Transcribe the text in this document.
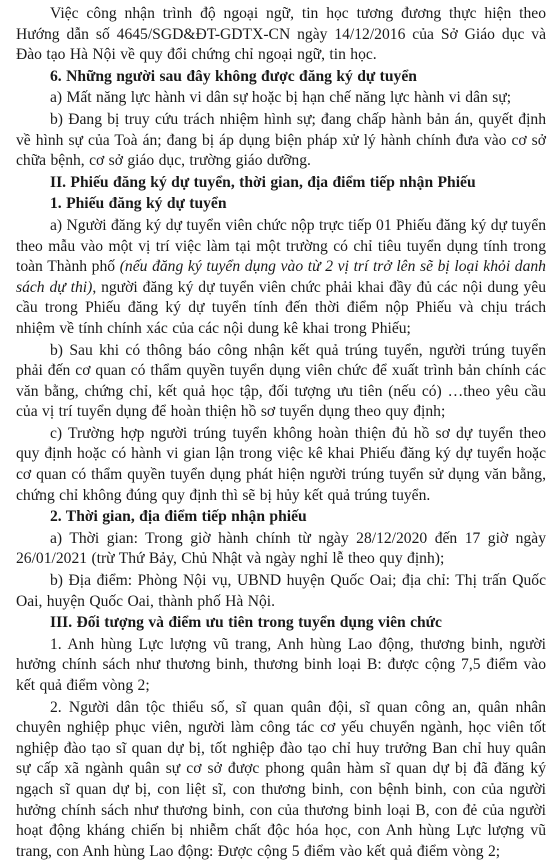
Việc công nhận trình độ ngoại ngữ, tin học tương đương thực hiện theo Hướng dẫn số 4645/SGD&ĐT-GDTX-CN ngày 14/12/2016 của Sở Giáo dục và Đào tạo Hà Nội về quy đổi chứng chỉ ngoại ngữ, tin học.

6. Những người sau đây không được đăng ký dự tuyển

a) Mất năng lực hành vi dân sự hoặc bị hạn chế năng lực hành vi dân sự;

b) Đang bị truy cứu trách nhiệm hình sự; đang chấp hành bản án, quyết định về hình sự của Toà án; đang bị áp dụng biện pháp xử lý hành chính đưa vào cơ sở chữa bệnh, cơ sở giáo dục, trường giáo dưỡng.

II. Phiếu đăng ký dự tuyển, thời gian, địa điểm tiếp nhận Phiếu

1. Phiếu đăng ký dự tuyển

a) Người đăng ký dự tuyển viên chức nộp trực tiếp 01 Phiếu đăng ký dự tuyển theo mẫu vào một vị trí việc làm tại một trường có chỉ tiêu tuyển dụng tính trong toàn Thành phố (nếu đăng ký tuyển dụng vào từ 2 vị trí trở lên sẽ bị loại khỏi danh sách dự thi), người đăng ký dự tuyển viên chức phải khai đầy đủ các nội dung yêu cầu trong Phiếu đăng ký dự tuyển tính đến thời điểm nộp Phiếu và chịu trách nhiệm về tính chính xác của các nội dung kê khai trong Phiếu;

b) Sau khi có thông báo công nhận kết quả trúng tuyển, người trúng tuyển phải đến cơ quan có thẩm quyền tuyển dụng viên chức để xuất trình bản chính các văn bằng, chứng chỉ, kết quả học tập, đối tượng ưu tiên (nếu có) …theo yêu cầu của vị trí tuyển dụng để hoàn thiện hồ sơ tuyển dụng theo quy định;

c) Trường hợp người trúng tuyển không hoàn thiện đủ hồ sơ dự tuyển theo quy định hoặc có hành vi gian lận trong việc kê khai Phiếu đăng ký dự tuyển hoặc cơ quan có thẩm quyền tuyển dụng phát hiện người trúng tuyển sử dụng văn bằng, chứng chỉ không đúng quy định thì sẽ bị hủy kết quả trúng tuyển.

2. Thời gian, địa điểm tiếp nhận phiếu

a) Thời gian: Trong giờ hành chính từ ngày 28/12/2020 đến 17 giờ ngày 26/01/2021 (trừ Thứ Bảy, Chủ Nhật và ngày nghỉ lễ theo quy định);

b) Địa điểm: Phòng Nội vụ, UBND huyện Quốc Oai; địa chỉ: Thị trấn Quốc Oai, huyện Quốc Oai, thành phố Hà Nội.

III. Đối tượng và điểm ưu tiên trong tuyển dụng viên chức

1. Anh hùng Lực lượng vũ trang, Anh hùng Lao động, thương binh, người hưởng chính sách như thương binh, thương binh loại B: được cộng 7,5 điểm vào kết quả điểm vòng 2;

2. Người dân tộc thiểu số, sĩ quan quân đội, sĩ quan công an, quân nhân chuyên nghiệp phục viên, người làm công tác cơ yếu chuyển ngành, học viên tốt nghiệp đào tạo sĩ quan dự bị, tốt nghiệp đào tạo chỉ huy trưởng Ban chỉ huy quân sự cấp xã ngành quân sự cơ sở được phong quân hàm sĩ quan dự bị đã đăng ký ngạch sĩ quan dự bị, con liệt sĩ, con thương binh, con bệnh binh, con của người hưởng chính sách như thương binh, con của thương binh loại B, con đẻ của người hoạt động kháng chiến bị nhiễm chất độc hóa học, con Anh hùng Lực lượng vũ trang, con Anh hùng Lao động: Được cộng 5 điểm vào kết quả điểm vòng 2;
